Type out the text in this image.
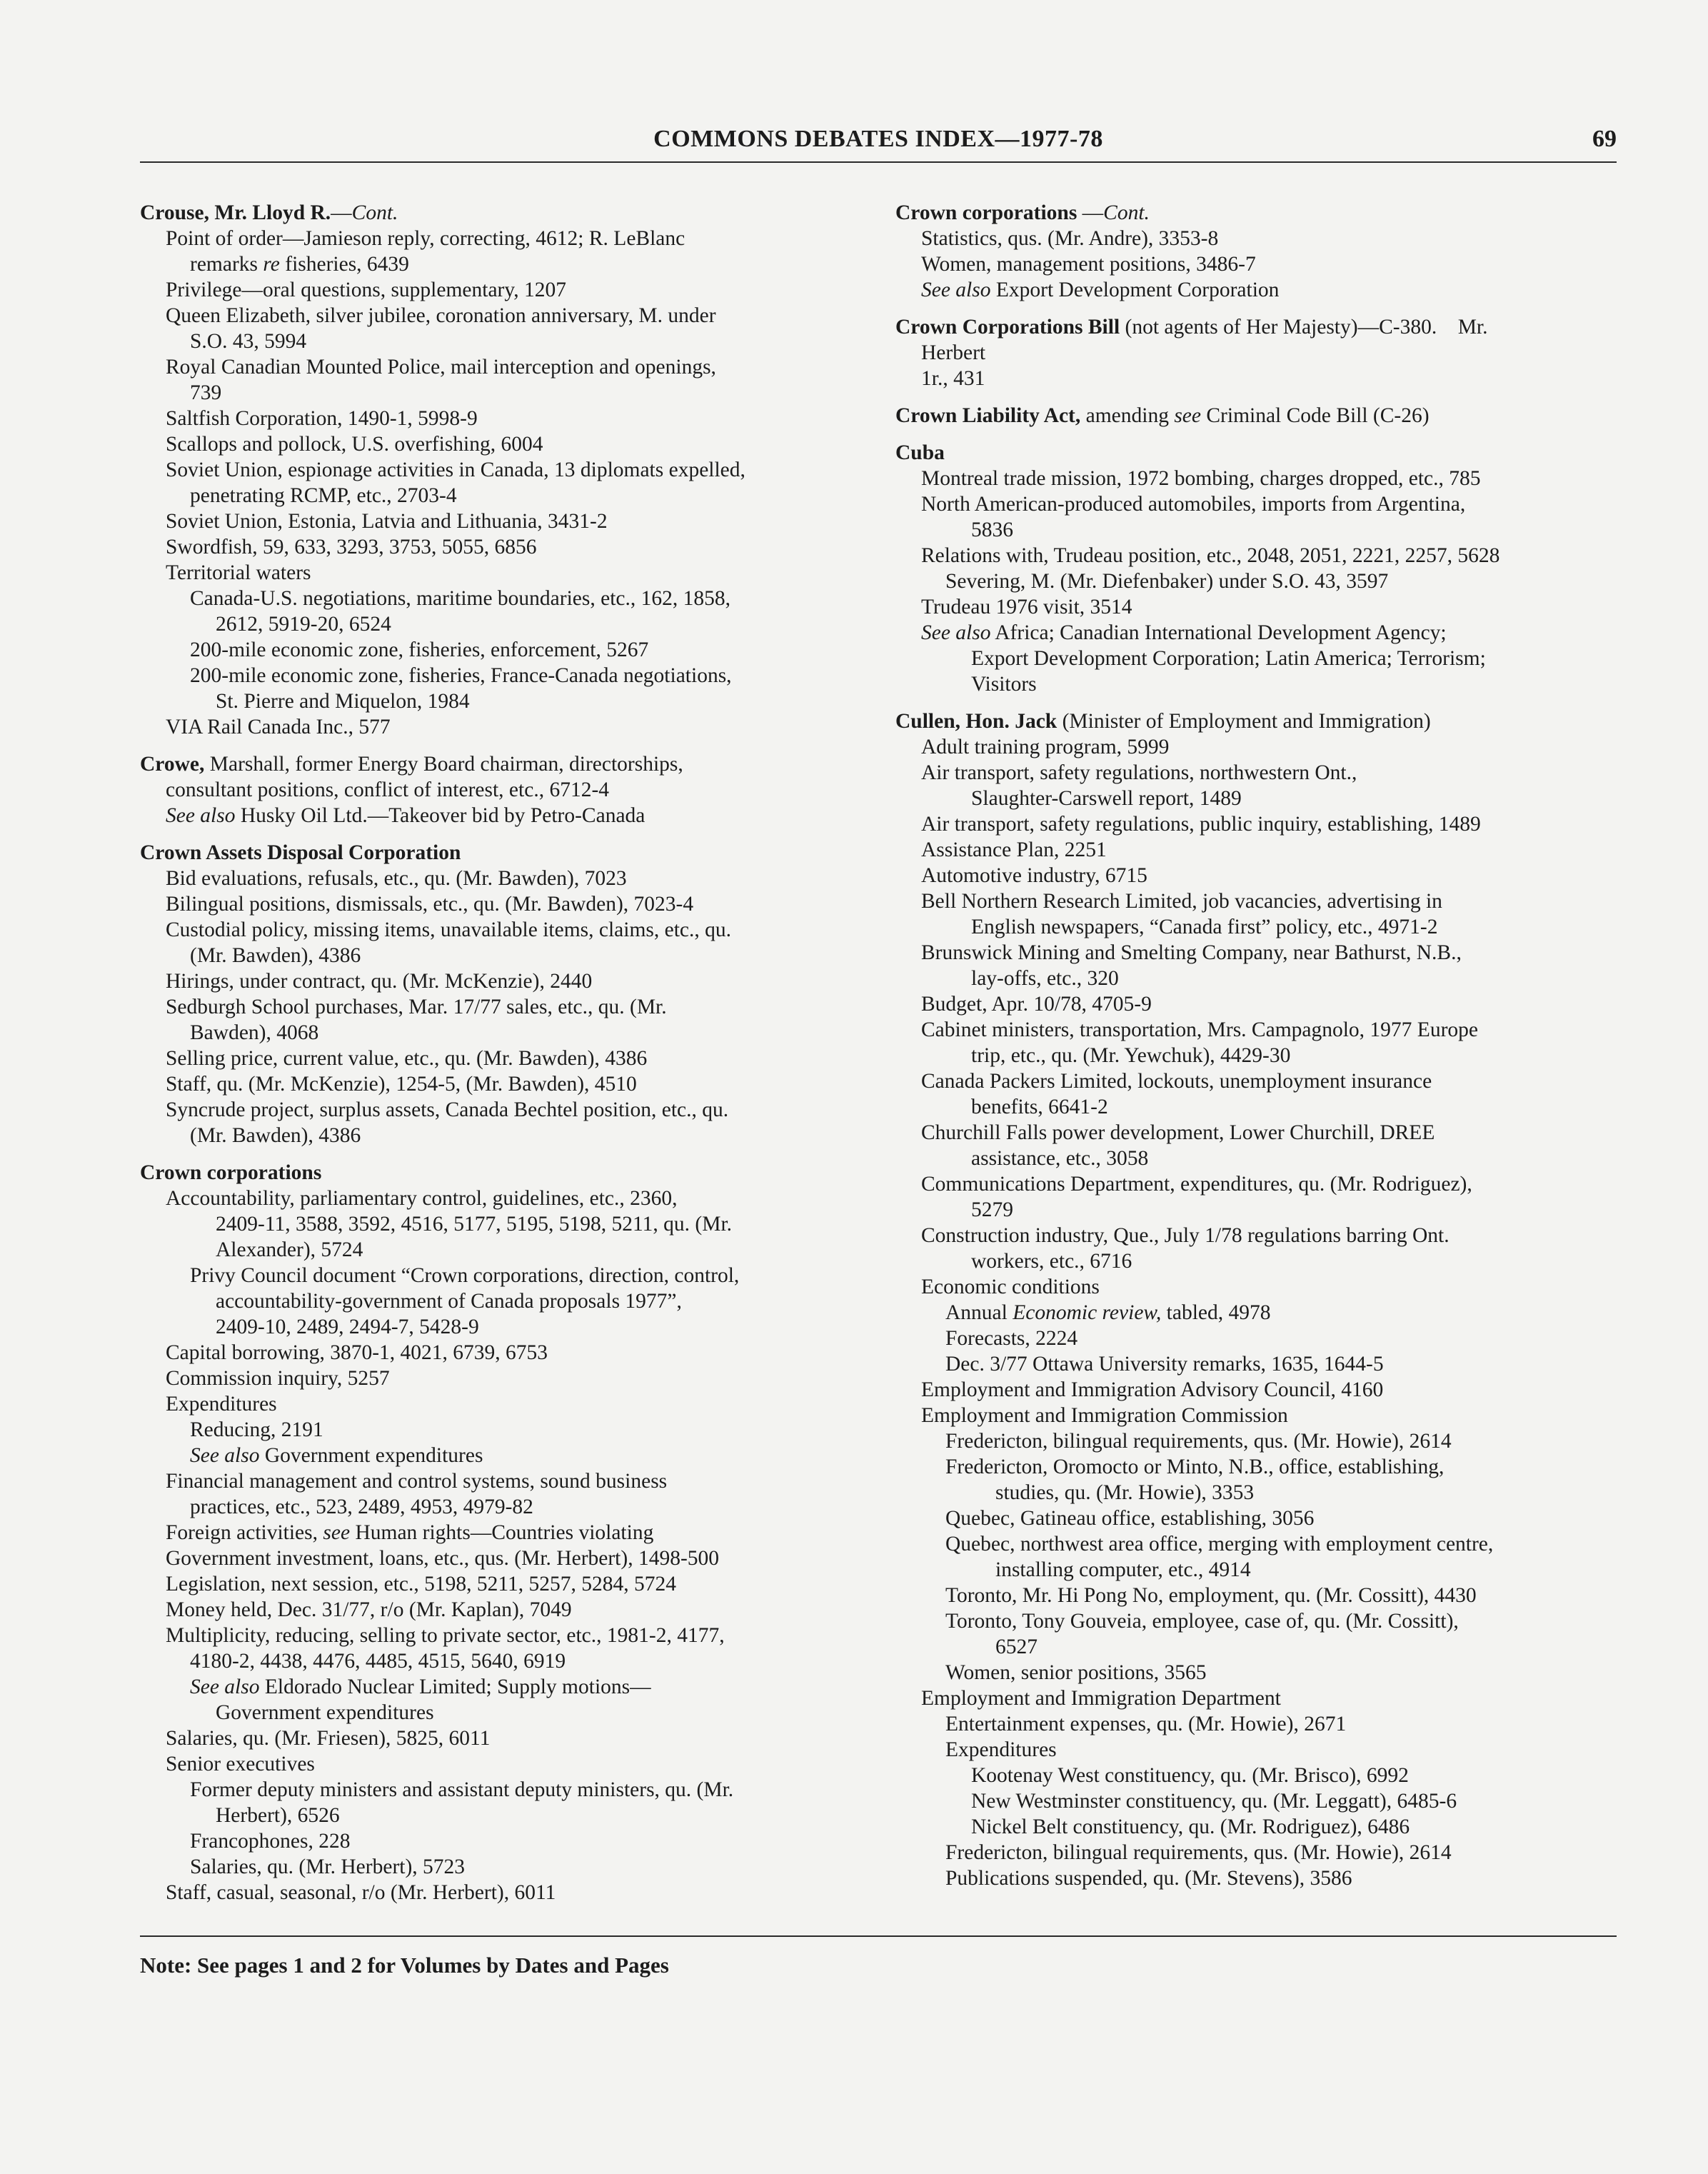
COMMONS DEBATES INDEX—1977-78	69
Crouse, Mr. Lloyd R.—Cont.
Point of order—Jamieson reply, correcting, 4612; R. LeBlanc
remarks re fisheries, 6439
Privilege—oral questions, supplementary, 1207
Queen Elizabeth, silver jubilee, coronation anniversary, M. under
S.O. 43, 5994
Royal Canadian Mounted Police, mail interception and openings,
739
Saltfish Corporation, 1490-1, 5998-9
Scallops and pollock, U.S. overfishing, 6004
Soviet Union, espionage activities in Canada, 13 diplomats expelled,
penetrating RCMP, etc., 2703-4
Soviet Union, Estonia, Latvia and Lithuania, 3431-2
Swordfish, 59, 633, 3293, 3753, 5055, 6856
Territorial waters
Canada-U.S. negotiations, maritime boundaries, etc., 162, 1858,
2612, 5919-20, 6524
200-mile economic zone, fisheries, enforcement, 5267
200-mile economic zone, fisheries, France-Canada negotiations,
St. Pierre and Miquelon, 1984
VIA Rail Canada Inc., 577
Crowe, Marshall, former Energy Board chairman, directorships,
consultant positions, conflict of interest, etc., 6712-4
See also Husky Oil Ltd.—Takeover bid by Petro-Canada
Crown Assets Disposal Corporation
Bid evaluations, refusals, etc., qu. (Mr. Bawden), 7023
Bilingual positions, dismissals, etc., qu. (Mr. Bawden), 7023-4
Custodial policy, missing items, unavailable items, claims, etc., qu.
(Mr. Bawden), 4386
Hirings, under contract, qu. (Mr. McKenzie), 2440
Sedburgh School purchases, Mar. 17/77 sales, etc., qu. (Mr.
Bawden), 4068
Selling price, current value, etc., qu. (Mr. Bawden), 4386
Staff, qu. (Mr. McKenzie), 1254-5, (Mr. Bawden), 4510
Syncrude project, surplus assets, Canada Bechtel position, etc., qu.
(Mr. Bawden), 4386
Crown corporations
Accountability, parliamentary control, guidelines, etc., 2360,
2409-11, 3588, 3592, 4516, 5177, 5195, 5198, 5211, qu. (Mr.
Alexander), 5724
Privy Council document “Crown corporations, direction, control,
accountability-government of Canada proposals 1977”,
2409-10, 2489, 2494-7, 5428-9
Capital borrowing, 3870-1, 4021, 6739, 6753
Commission inquiry, 5257
Expenditures
Reducing, 2191
See also Government expenditures
Financial management and control systems, sound business
practices, etc., 523, 2489, 4953, 4979-82
Foreign activities, see Human rights—Countries violating
Government investment, loans, etc., qus. (Mr. Herbert), 1498-500
Legislation, next session, etc., 5198, 5211, 5257, 5284, 5724
Money held, Dec. 31/77, r/o (Mr. Kaplan), 7049
Multiplicity, reducing, selling to private sector, etc., 1981-2, 4177,
4180-2, 4438, 4476, 4485, 4515, 5640, 6919
See also Eldorado Nuclear Limited; Supply motions—
Government expenditures
Salaries, qu. (Mr. Friesen), 5825, 6011
Senior executives
Former deputy ministers and assistant deputy ministers, qu. (Mr.
Herbert), 6526
Francophones, 228
Salaries, qu. (Mr. Herbert), 5723
Staff, casual, seasonal, r/o (Mr. Herbert), 6011
Crown corporations —Cont.
Statistics, qus. (Mr. Andre), 3353-8
Women, management positions, 3486-7
See also Export Development Corporation
Crown Corporations Bill (not agents of Her Majesty)—C-380.    Mr.
Herbert
1r., 431
Crown Liability Act, amending see Criminal Code Bill (C-26)
Cuba
Montreal trade mission, 1972 bombing, charges dropped, etc., 785
North American-produced automobiles, imports from Argentina,
5836
Relations with, Trudeau position, etc., 2048, 2051, 2221, 2257, 5628
Severing, M. (Mr. Diefenbaker) under S.O. 43, 3597
Trudeau 1976 visit, 3514
See also Africa; Canadian International Development Agency;
Export Development Corporation; Latin America; Terrorism;
Visitors
Cullen, Hon. Jack (Minister of Employment and Immigration)
Adult training program, 5999
Air transport, safety regulations, northwestern Ont.,
Slaughter-Carswell report, 1489
Air transport, safety regulations, public inquiry, establishing, 1489
Assistance Plan, 2251
Automotive industry, 6715
Bell Northern Research Limited, job vacancies, advertising in
English newspapers, “Canada first” policy, etc., 4971-2
Brunswick Mining and Smelting Company, near Bathurst, N.B.,
lay-offs, etc., 320
Budget, Apr. 10/78, 4705-9
Cabinet ministers, transportation, Mrs. Campagnolo, 1977 Europe
trip, etc., qu. (Mr. Yewchuk), 4429-30
Canada Packers Limited, lockouts, unemployment insurance
benefits, 6641-2
Churchill Falls power development, Lower Churchill, DREE
assistance, etc., 3058
Communications Department, expenditures, qu. (Mr. Rodriguez),
5279
Construction industry, Que., July 1/78 regulations barring Ont.
workers, etc., 6716
Economic conditions
Annual Economic review, tabled, 4978
Forecasts, 2224
Dec. 3/77 Ottawa University remarks, 1635, 1644-5
Employment and Immigration Advisory Council, 4160
Employment and Immigration Commission
Fredericton, bilingual requirements, qus. (Mr. Howie), 2614
Fredericton, Oromocto or Minto, N.B., office, establishing,
studies, qu. (Mr. Howie), 3353
Quebec, Gatineau office, establishing, 3056
Quebec, northwest area office, merging with employment centre,
installing computer, etc., 4914
Toronto, Mr. Hi Pong No, employment, qu. (Mr. Cossitt), 4430
Toronto, Tony Gouveia, employee, case of, qu. (Mr. Cossitt),
6527
Women, senior positions, 3565
Employment and Immigration Department
Entertainment expenses, qu. (Mr. Howie), 2671
Expenditures
Kootenay West constituency, qu. (Mr. Brisco), 6992
New Westminster constituency, qu. (Mr. Leggatt), 6485-6
Nickel Belt constituency, qu. (Mr. Rodriguez), 6486
Fredericton, bilingual requirements, qus. (Mr. Howie), 2614
Publications suspended, qu. (Mr. Stevens), 3586
Note: See pages 1 and 2 for Volumes by Dates and Pages
